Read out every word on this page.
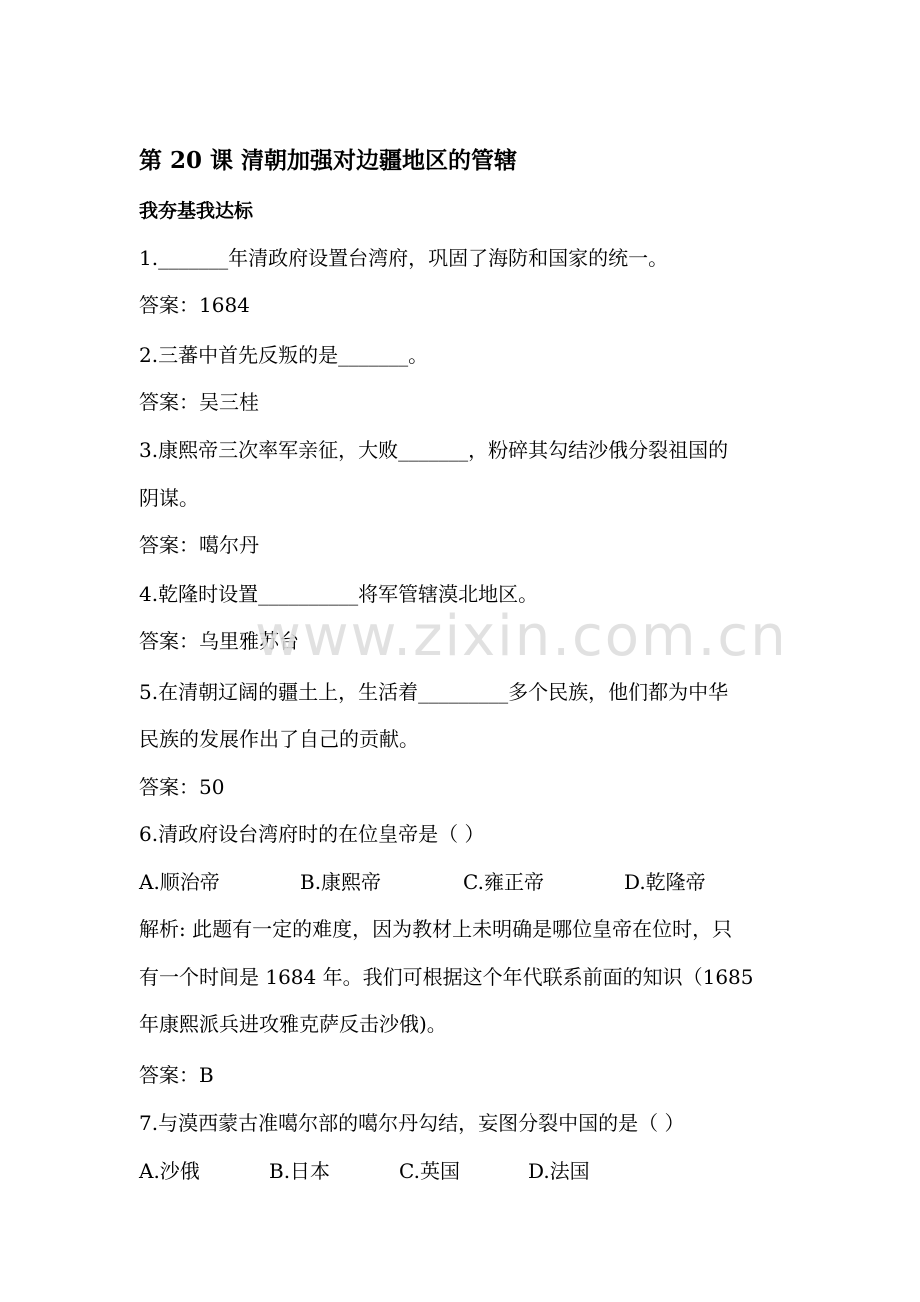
第 20 课 清朝加强对边疆地区的管辖
我夯基我达标
1._______年清政府设置台湾府，巩固了海防和国家的统一。
答案：1684
2.三蕃中首先反叛的是_______。
答案：吴三桂
3.康熙帝三次率军亲征，大败_______，粉碎其勾结沙俄分裂祖国的
阴谋。
答案：噶尔丹
4.乾隆时设置__________将军管辖漠北地区。
答案：乌里雅苏台
5.在清朝辽阔的疆土上，生活着_________多个民族，他们都为中华
民族的发展作出了自己的贡献。
答案：50
6.清政府设台湾府时的在位皇帝是（ ）
A.顺治帝	B.康熙帝	C.雍正帝	D.乾隆帝
解析: 此题有一定的难度，因为教材上未明确是哪位皇帝在位时，只
有一个时间是 1684 年。我们可根据这个年代联系前面的知识（1685
年康熙派兵进攻雅克萨反击沙俄)。
答案：B
7.与漠西蒙古准噶尔部的噶尔丹勾结，妄图分裂中国的是（ ）
A.沙俄	B.日本	C.英国	D.法国
www.zixin.com.cn
